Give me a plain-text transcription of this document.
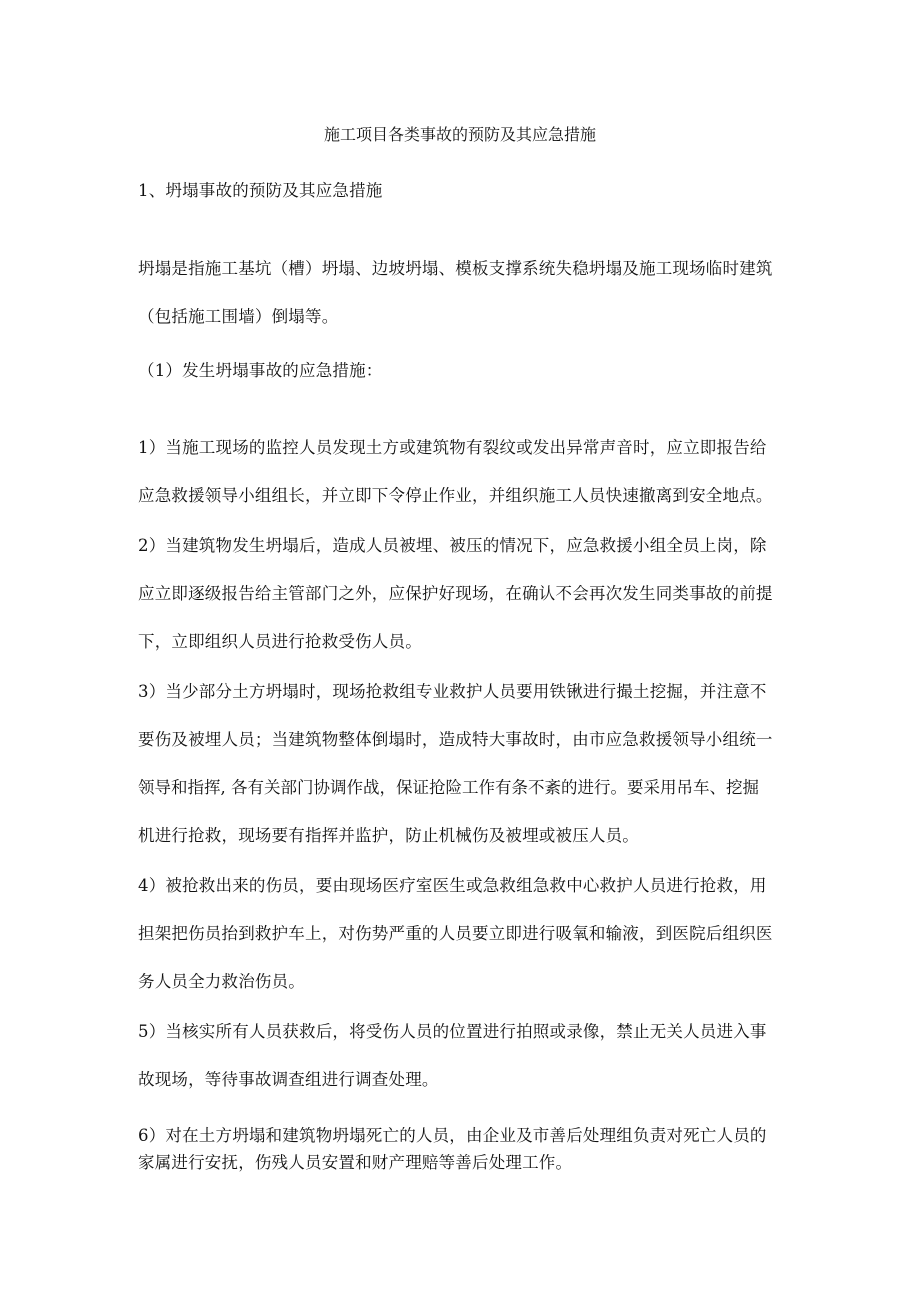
施工项目各类事故的预防及其应急措施
1、坍塌事故的预防及其应急措施
坍塌是指施工基坑（槽）坍塌、边坡坍塌、模板支撑系统失稳坍塌及施工现场临时建筑
（包括施工围墙）倒塌等。
（1）发生坍塌事故的应急措施：
1）当施工现场的监控人员发现土方或建筑物有裂纹或发出异常声音时，应立即报告给
应急救援领导小组组长，并立即下令停止作业，并组织施工人员快速撤离到安全地点。
2）当建筑物发生坍塌后，造成人员被埋、被压的情况下，应急救援小组全员上岗，除
应立即逐级报告给主管部门之外，应保护好现场，在确认不会再次发生同类事故的前提
下，立即组织人员进行抢救受伤人员。
3）当少部分土方坍塌时，现场抢救组专业救护人员要用铁锹进行撮土挖掘，并注意不
要伤及被埋人员；当建筑物整体倒塌时，造成特大事故时，由市应急救援领导小组统一
领导和指挥, 各有关部门协调作战，保证抢险工作有条不紊的进行。要采用吊车、挖掘
机进行抢救，现场要有指挥并监护，防止机械伤及被埋或被压人员。
4）被抢救出来的伤员，要由现场医疗室医生或急救组急救中心救护人员进行抢救，用
担架把伤员抬到救护车上，对伤势严重的人员要立即进行吸氧和输液，到医院后组织医
务人员全力救治伤员。
5）当核实所有人员获救后，将受伤人员的位置进行拍照或录像，禁止无关人员进入事
故现场，等待事故调查组进行调查处理。
6）对在土方坍塌和建筑物坍塌死亡的人员，由企业及市善后处理组负责对死亡人员的
家属进行安抚，伤残人员安置和财产理赔等善后处理工作。
